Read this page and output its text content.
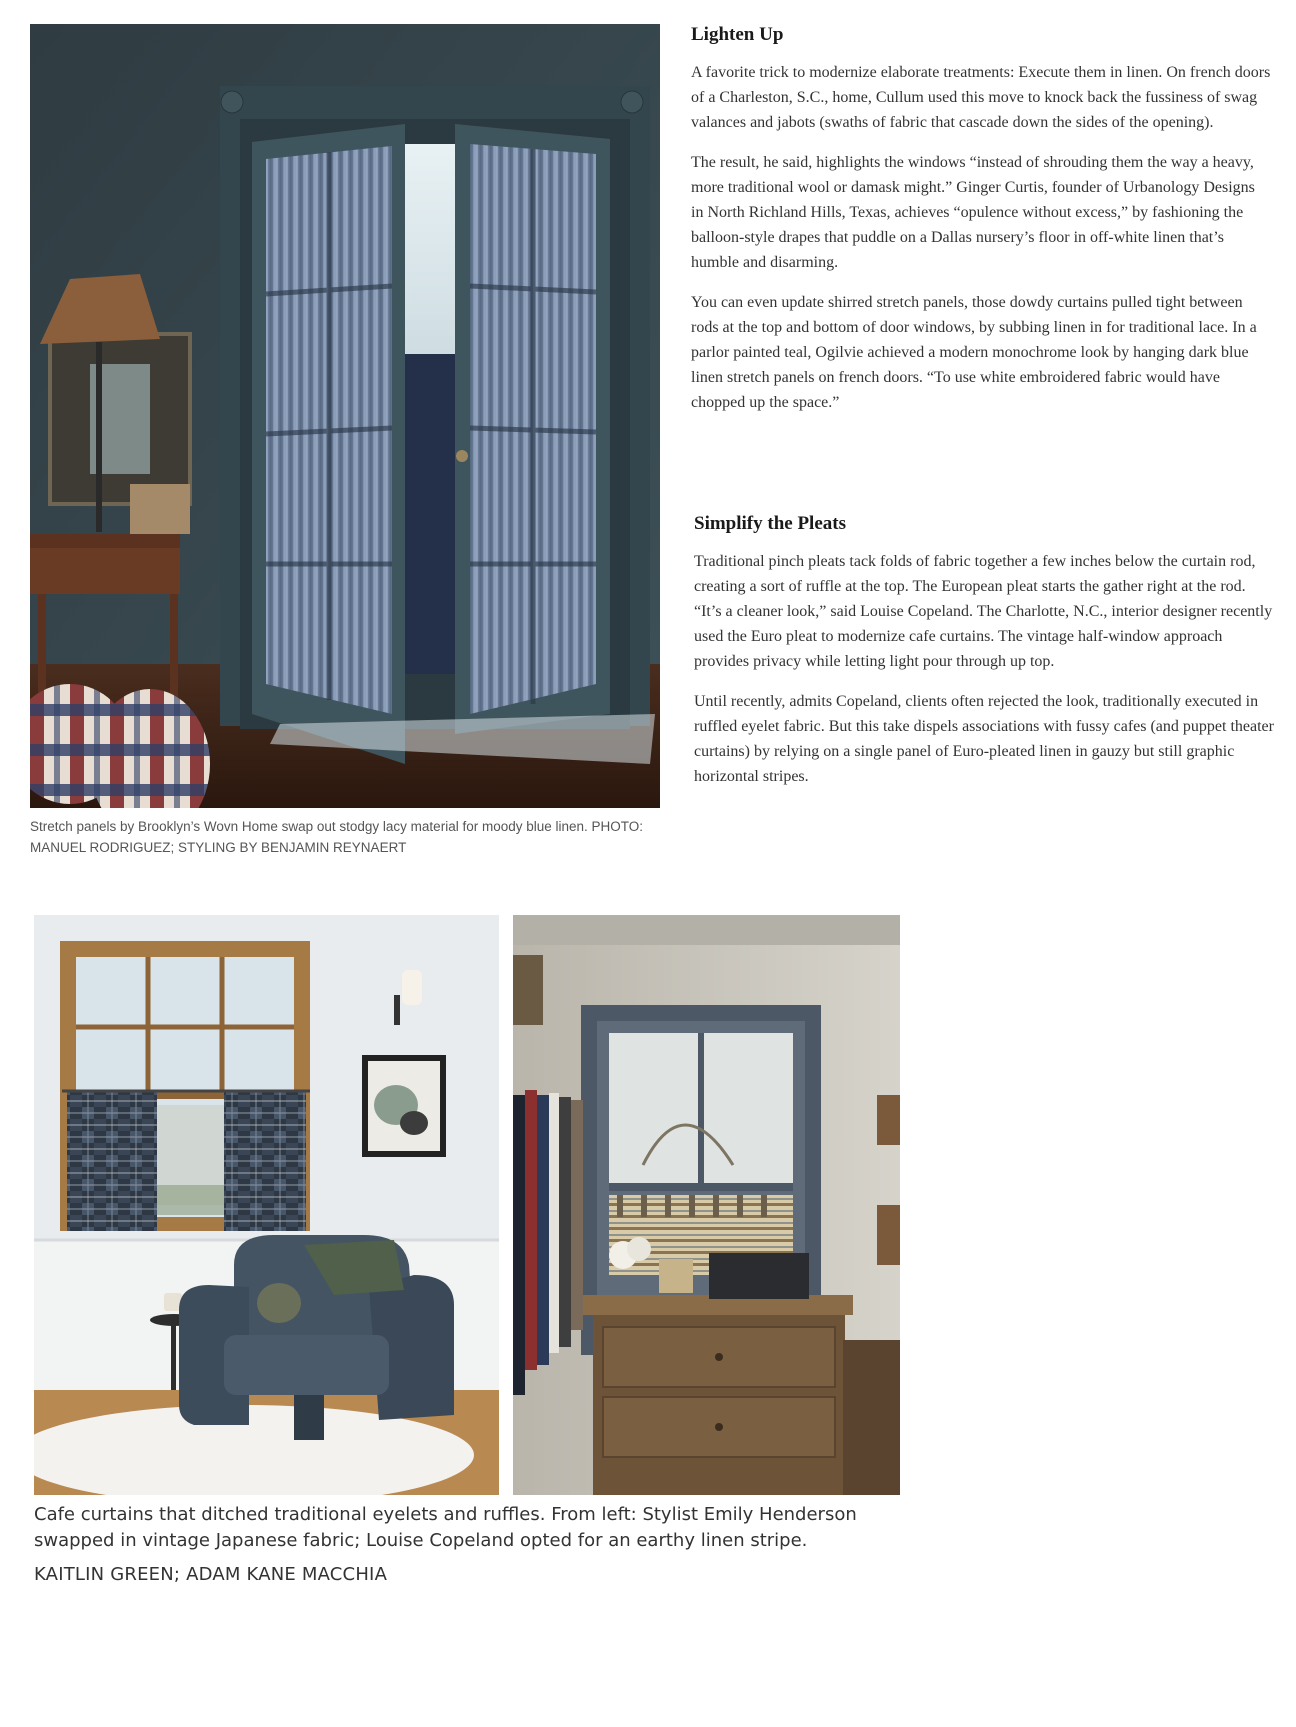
Stretch panels by Brooklyn’s Wovn Home swap out stodgy lacy material for moody blue linen. PHOTO: MANUEL RODRIGUEZ; STYLING BY BENJAMIN REYNAERT
Lighten Up

A favorite trick to modernize elaborate treatments: Execute them in linen. On french doors of a Charleston, S.C., home, Cullum used this move to knock back the fussiness of swag valances and jabots (swaths of fabric that cascade down the sides of the opening).

The result, he said, highlights the windows “instead of shrouding them the way a heavy, more traditional wool or damask might.” Ginger Curtis, founder of Urbanology Designs in North Richland Hills, Texas, achieves “opulence without excess,” by fashioning the balloon-style drapes that puddle on a Dallas nursery’s floor in off-white linen that’s humble and disarming.

You can even update shirred stretch panels, those dowdy curtains pulled tight between rods at the top and bottom of door windows, by subbing linen in for traditional lace. In a parlor painted teal, Ogilvie achieved a modern monochrome look by hanging dark blue linen stretch panels on french doors. “To use white embroidered fabric would have chopped up the space.”

Simplify the Pleats

Traditional pinch pleats tack folds of fabric together a few inches below the curtain rod, creating a sort of ruffle at the top. The European pleat starts the gather right at the rod. “It’s a cleaner look,” said Louise Copeland. The Charlotte, N.C., interior designer recently used the Euro pleat to modernize cafe curtains. The vintage half-window approach provides privacy while letting light pour through up top.

Until recently, admits Copeland, clients often rejected the look, traditionally executed in ruffled eyelet fabric. But this take dispels associations with fussy cafes (and puppet theater curtains) by relying on a single panel of Euro-pleated linen in gauzy but still graphic horizontal stripes.

Cafe curtains that ditched traditional eyelets and ruffles. From left: Stylist Emily Henderson swapped in vintage Japanese fabric; Louise Copeland opted for an earthy linen stripe.
KAITLIN GREEN; ADAM KANE MACCHIA
